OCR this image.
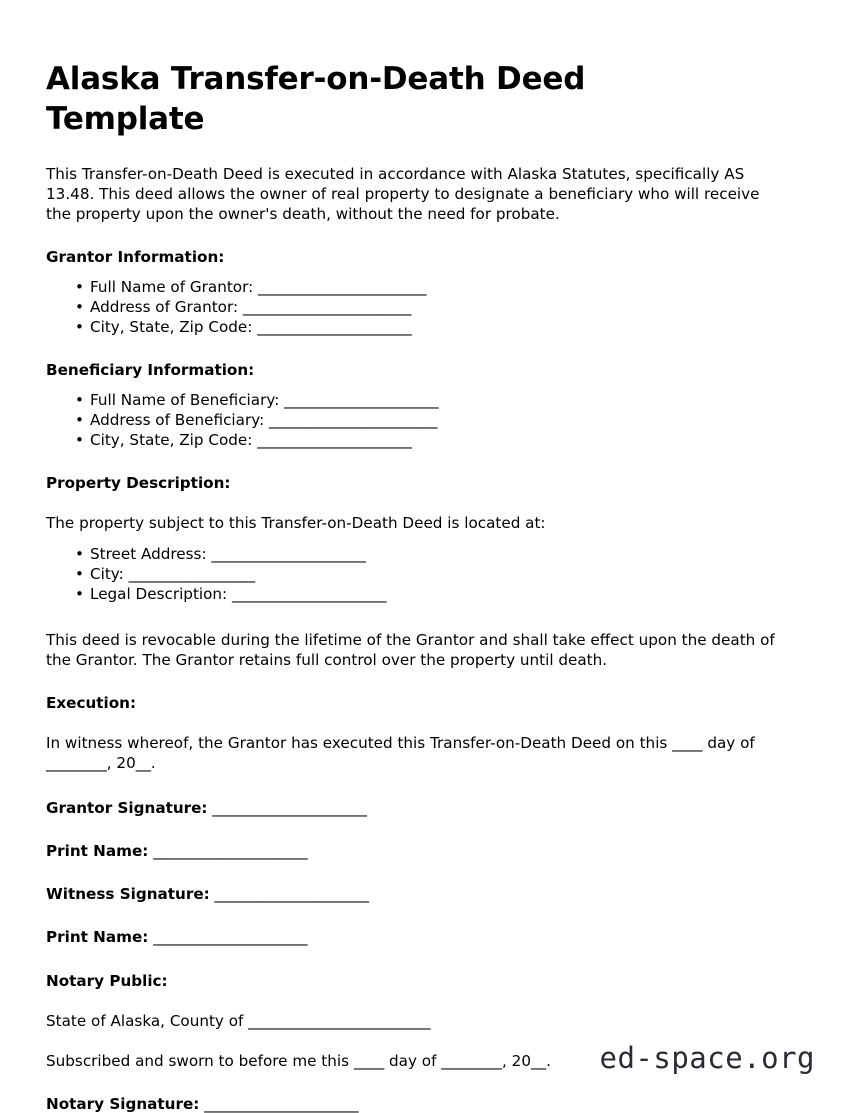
Alaska Transfer-on-Death Deed Template

This Transfer-on-Death Deed is executed in accordance with Alaska Statutes, specifically AS 13.48. This deed allows the owner of real property to designate a beneficiary who will receive the property upon the owner's death, without the need for probate.

Grantor Information:
• Full Name of Grantor: ________________________
• Address of Grantor: ________________________
• City, State, Zip Code: ______________________
Beneficiary Information:
• Full Name of Beneficiary: ______________________
• Address of Beneficiary: ________________________
• City, State, Zip Code: ______________________
Property Description:

The property subject to this Transfer-on-Death Deed is located at:

• Street Address: ______________________
• City: __________________
• Legal Description: ______________________

This deed is revocable during the lifetime of the Grantor and shall take effect upon the death of the Grantor. The Grantor retains full control over the property until death.

Execution:

In witness whereof, the Grantor has executed this Transfer-on-Death Deed on this ____ day of ________, 20__.

Grantor Signature: ______________________

Print Name: ______________________

Witness Signature: ______________________

Print Name: ______________________

Notary Public:

State of Alaska, County of ________________________

Subscribed and sworn to before me this ____ day of ________, 20__.

Notary Signature: ______________________

ed-space.org
